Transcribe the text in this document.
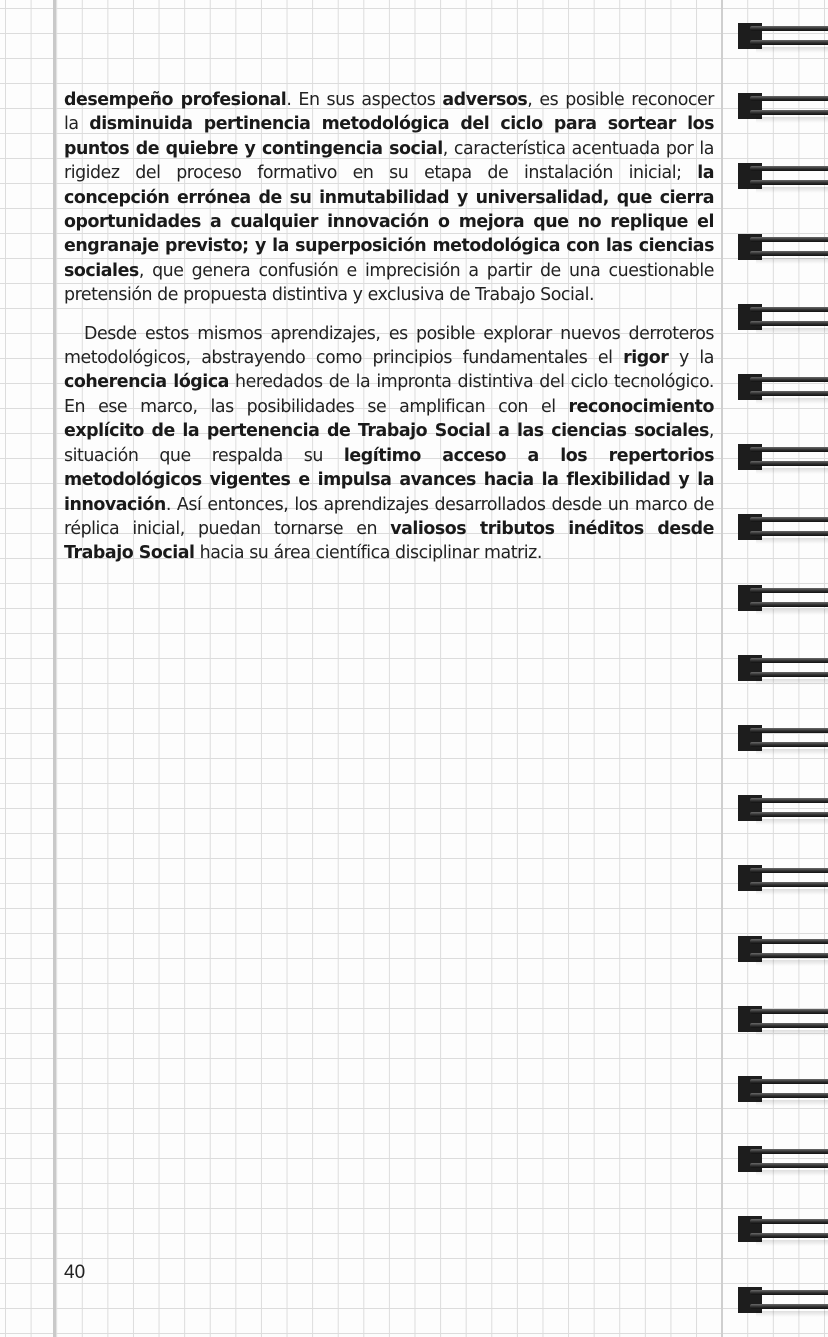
desempeño profesional. En sus aspectos adversos, es posible reconocer la disminuida pertinencia metodológica del ciclo para sortear los puntos de quiebre y contingencia social, característica acentuada por la rigidez del proceso formativo en su etapa de instalación inicial; la concepción errónea de su inmutabilidad y universalidad, que cierra oportunidades a cualquier innovación o mejora que no replique el engranaje previsto; y la superposición metodológica con las ciencias sociales, que genera confusión e imprecisión a partir de una cuestionable pretensión de propuesta distintiva y exclusiva de Trabajo Social.

Desde estos mismos aprendizajes, es posible explorar nuevos derroteros metodológicos, abstrayendo como principios fundamentales el rigor y la coherencia lógica heredados de la impronta distintiva del ciclo tecnológico. En ese marco, las posibilidades se amplifican con el reconocimiento explícito de la pertenencia de Trabajo Social a las ciencias sociales, situación que respalda su legítimo acceso a los repertorios metodológicos vigentes e impulsa avances hacia la flexibilidad y la innovación. Así entonces, los aprendizajes desarrollados desde un marco de réplica inicial, puedan tornarse en valiosos tributos inéditos desde Trabajo Social hacia su área científica disciplinar matriz.

40
